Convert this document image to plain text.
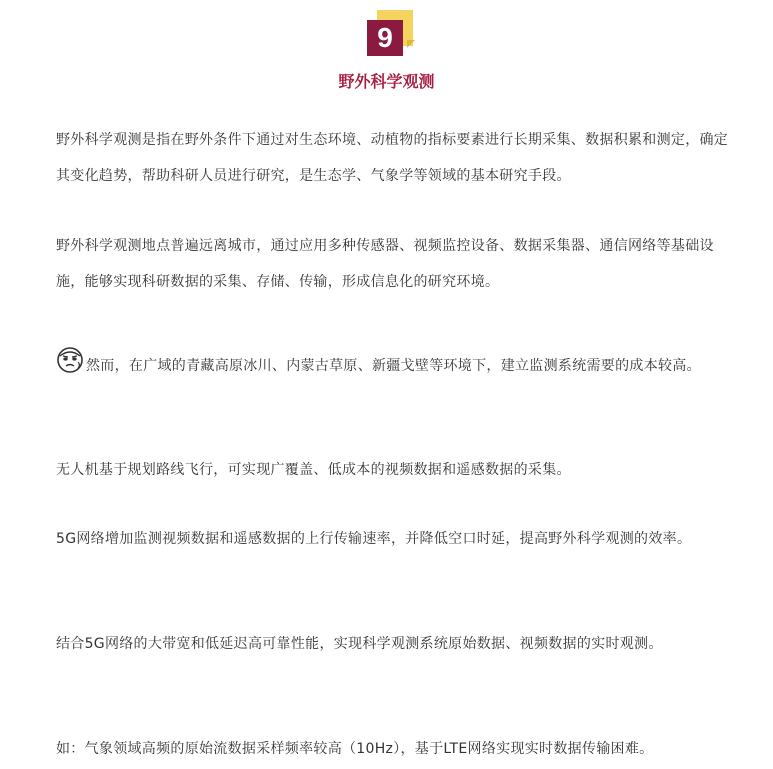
9
野外科学观测

野外科学观测是指在野外条件下通过对生态环境、动植物的指标要素进行长期采集、数据积累和测定，确定其变化趋势，帮助科研人员进行研究，是生态学、气象学等领域的基本研究手段。

野外科学观测地点普遍远离城市，通过应用多种传感器、视频监控设备、数据采集器、通信网络等基础设施，能够实现科研数据的采集、存储、传输，形成信息化的研究环境。

然而，在广域的青藏高原冰川、内蒙古草原、新疆戈壁等环境下，建立监测系统需要的成本较高。

无人机基于规划路线飞行，可实现广覆盖、低成本的视频数据和遥感数据的采集。

5G网络增加监测视频数据和遥感数据的上行传输速率，并降低空口时延，提高野外科学观测的效率。

结合5G网络的大带宽和低延迟高可靠性能，实现科学观测系统原始数据、视频数据的实时观测。

如：气象领域高频的原始流数据采样频率较高（10Hz），基于LTE网络实现实时数据传输困难。
